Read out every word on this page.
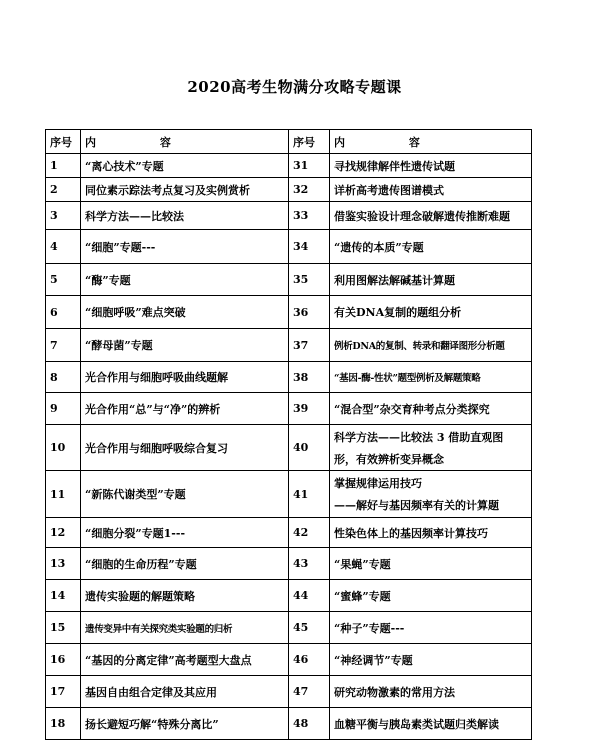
2020高考生物满分攻略专题课
序号	内 容	序号	内 容
1	“离心技术”专题	31	寻找规律解伴性遗传试题
2	同位素示踪法考点复习及实例赏析	32	详析高考遗传图谱模式
3	科学方法——比较法	33	借鉴实验设计理念破解遗传推断难题
4	“细胞”专题---	34	“遗传的本质”专题
5	“酶”专题	35	利用图解法解碱基计算题
6	“细胞呼吸”难点突破	36	有关DNA复制的题组分析
7	“酵母菌”专题	37	例析DNA的复制、转录和翻译图形分析题
8	光合作用与细胞呼吸曲线题解	38	“基因-酶-性状”题型例析及解题策略
9	光合作用“总”与“净”的辨析	39	“混合型”杂交育种考点分类探究
10	光合作用与细胞呼吸综合复习	40	科学方法——比较法 3 借助直观图
形，有效辨析变异概念

11	“新陈代谢类型”专题	41	掌握规律运用技巧
——解好与基因频率有关的计算题

12	“细胞分裂”专题1---	42	性染色体上的基因频率计算技巧
13	“细胞的生命历程”专题	43	“果蝇”专题
14	遗传实验题的解题策略	44	“蜜蜂”专题
15	遗传变异中有关探究类实验题的归析	45	“种子”专题---
16	“基因的分离定律”高考题型大盘点	46	“神经调节”专题
17	基因自由组合定律及其应用	47	研究动物激素的常用方法
18	扬长避短巧解“特殊分离比”	48	血糖平衡与胰岛素类试题归类解读
